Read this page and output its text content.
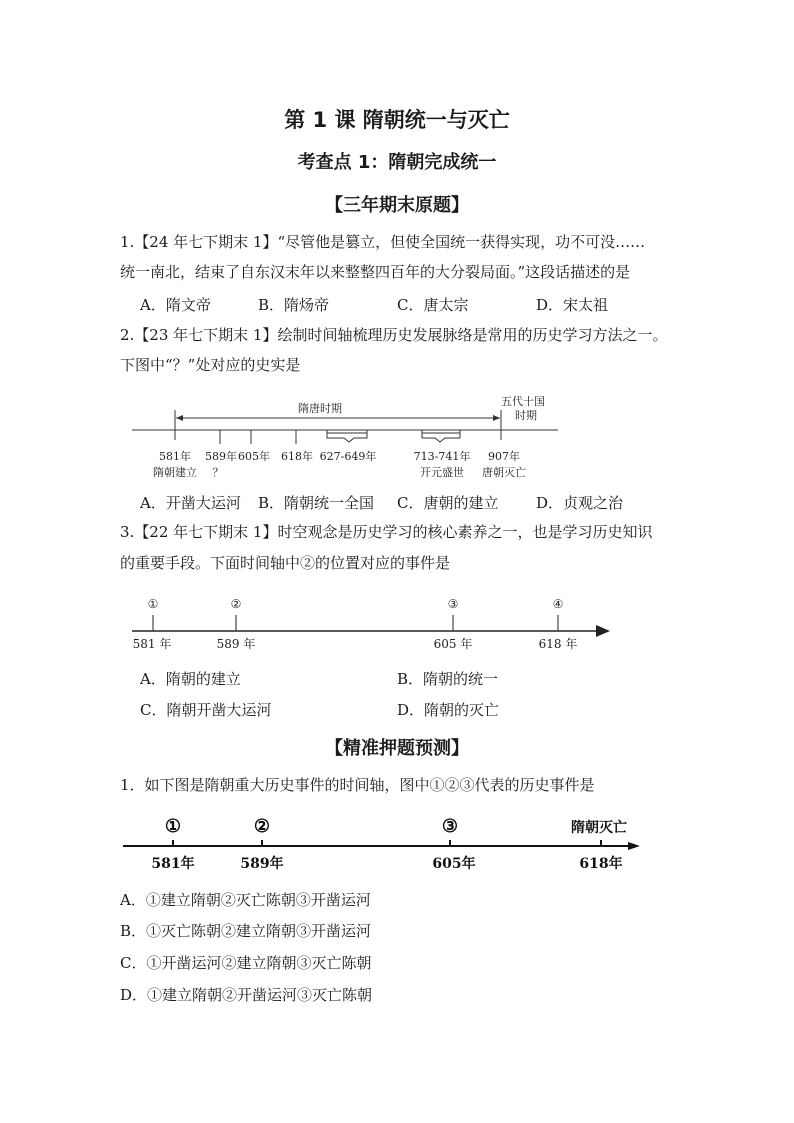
第 1 课 隋朝统一与灭亡
考查点 1：隋朝完成统一
【三年期末原题】
1.【24 年七下期末 1】“尽管他是篡立，但使全国统一获得实现，功不可没……
统一南北，结束了自东汉末年以来整整四百年的大分裂局面。”这段话描述的是
A．隋文帝	B．隋炀帝	C．唐太宗	D．宋太祖
2.【23 年七下期末 1】绘制时间轴梳理历史发展脉络是常用的历史学习方法之一。
下图中“？”处对应的史实是
隋唐时期
五代十国
时期
581年 589年 605年 618年 627-649年	713-741年 907年
隋朝建立 ？	开元盛世 唐朝灭亡
A．开凿大运河 B．隋朝统一全国 C．唐朝的建立	D．贞观之治
3.【22 年七下期末 1】时空观念是历史学习的核心素养之一，也是学习历史知识
的重要手段。下面时间轴中②的位置对应的事件是
①	②	③	④
581 年	589 年	605 年	618 年
A．隋朝的建立	B．隋朝的统一
C．隋朝开凿大运河	D．隋朝的灭亡
【精准押题预测】
1．如下图是隋朝重大历史事件的时间轴，图中①②③代表的历史事件是
①	②	③	隋朝灭亡
581年	589年	605年	618年
A．①建立隋朝②灭亡陈朝③开凿运河
B．①灭亡陈朝②建立隋朝③开凿运河
C．①开凿运河②建立隋朝③灭亡陈朝
D．①建立隋朝②开凿运河③灭亡陈朝
